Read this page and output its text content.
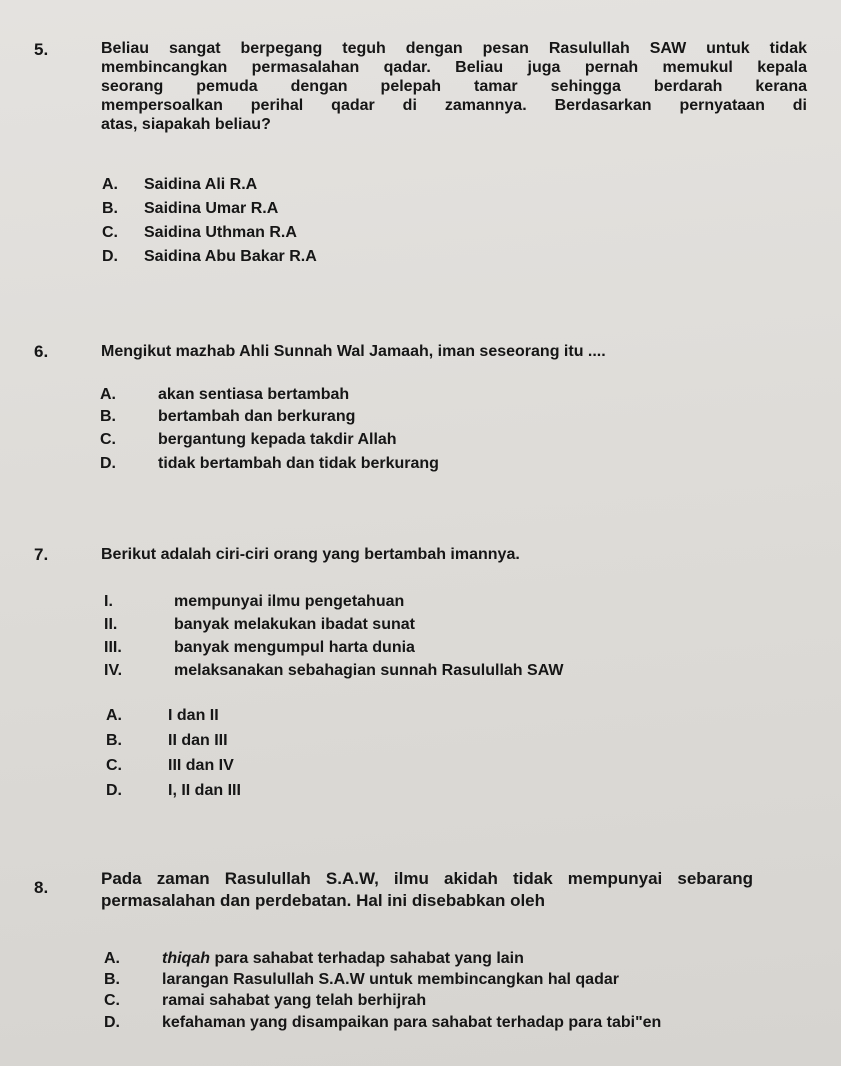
5.	Beliau sangat berpegang teguh dengan pesan Rasulullah SAW untuk tidak
membincangkan permasalahan qadar. Beliau juga pernah memukul kepala
seorang pemuda dengan pelepah tamar sehingga berdarah kerana
mempersoalkan perihal qadar di zamannya. Berdasarkan pernyataan di
atas, siapakah beliau?
A. Saidina Ali R.A
B. Saidina Umar R.A
C. Saidina Uthman R.A
D. Saidina Abu Bakar R.A
6.	Mengikut mazhab Ahli Sunnah Wal Jamaah, iman seseorang itu ....
A.	akan sentiasa bertambah
B.	bertambah dan berkurang
C.	bergantung kepada takdir Allah
D.	tidak bertambah dan tidak berkurang
7.	Berikut adalah ciri-ciri orang yang bertambah imannya.
I.	mempunyai ilmu pengetahuan
II.	banyak melakukan ibadat sunat
III.	banyak mengumpul harta dunia
IV.	melaksanakan sebahagian sunnah Rasulullah SAW
A.	I dan II
B.	II dan III
C.	III dan IV
D.	I, II dan III
8.	Pada zaman Rasulullah S.A.W, ilmu akidah tidak mempunyai sebarang
permasalahan dan perdebatan. Hal ini disebabkan oleh
A.	thiqah para sahabat terhadap sahabat yang lain
B.	larangan Rasulullah S.A.W untuk membincangkan hal qadar
C.	ramai sahabat yang telah berhijrah
D.	kefahaman yang disampaikan para sahabat terhadap para tabi"en
